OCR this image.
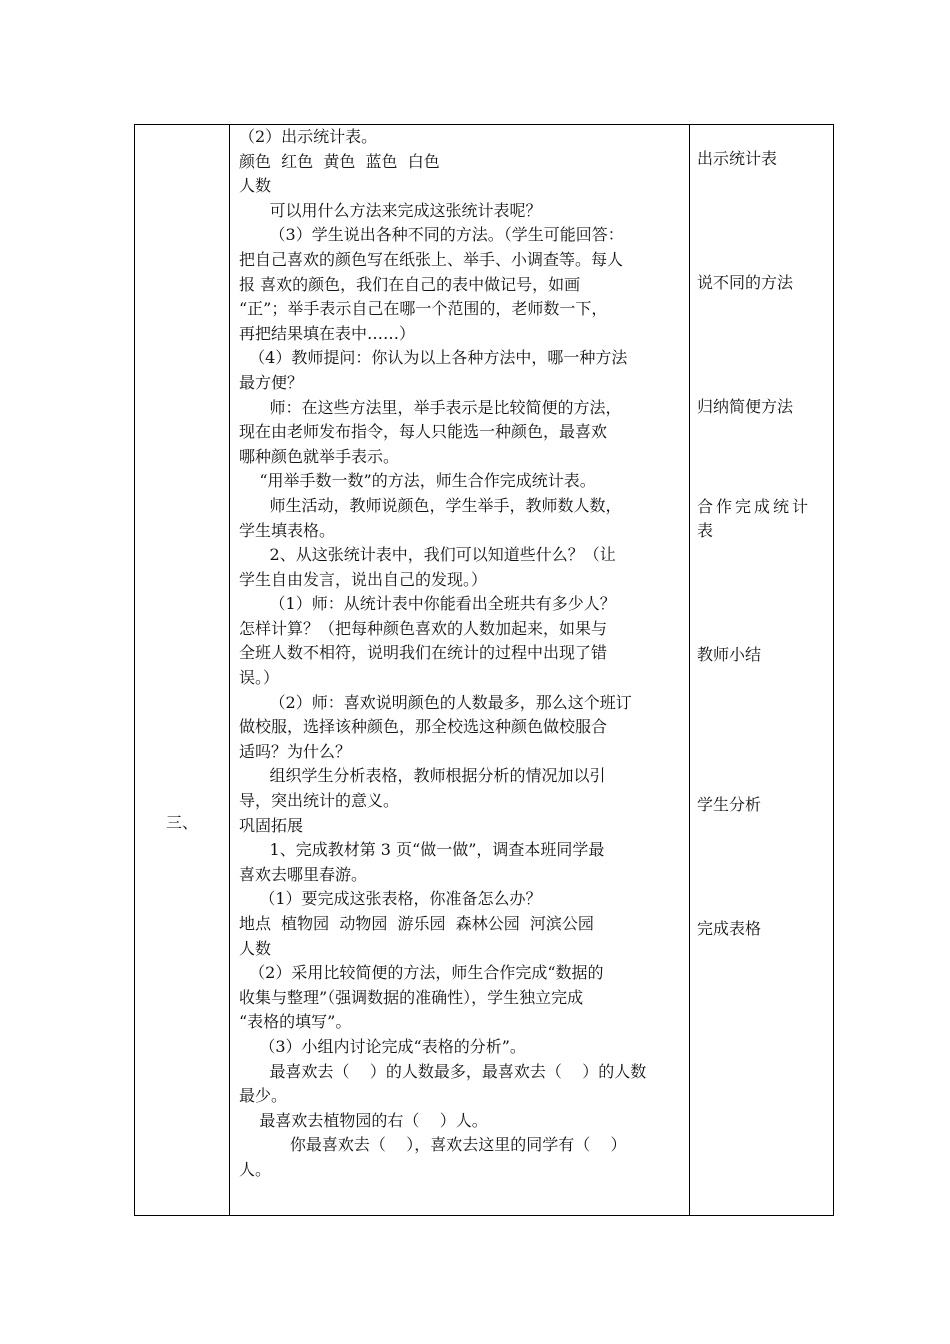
三、

（2）出示统计表。

颜色  红色  黄色  蓝色  白色

人数

可以用什么方法来完成这张统计表呢？

（3）学生说出各种不同的方法。（学生可能回答：

把自己喜欢的颜色写在纸张上、举手、小调查等。每人

报 喜欢的颜色，我们在自己的表中做记号，如画

“正”；举手表示自己在哪一个范围的，老师数一下，

再把结果填在表中……）

（4）教师提问：你认为以上各种方法中，哪一种方法

最方便？

师：在这些方法里，举手表示是比较简便的方法，

现在由老师发布指令，每人只能选一种颜色，最喜欢

哪种颜色就举手表示。

“用举手数一数”的方法，师生合作完成统计表。

师生活动，教师说颜色，学生举手，教师数人数，

学生填表格。

2、从这张统计表中，我们可以知道些什么？（让

学生自由发言，说出自己的发现。）

（1）师：从统计表中你能看出全班共有多少人？

怎样计算？（把每种颜色喜欢的人数加起来，如果与

全班人数不相符，说明我们在统计的过程中出现了错

误。）

（2）师：喜欢说明颜色的人数最多，那么这个班订

做校服，选择该种颜色，那全校选这种颜色做校服合

适吗？为什么？

组织学生分析表格，教师根据分析的情况加以引

导，突出统计的意义。

巩固拓展

1、完成教材第 3 页“做一做”，调查本班同学最

喜欢去哪里春游。

（1）要完成这张表格，你准备怎么办？

地点  植物园  动物园  游乐园  森林公园  河滨公园

人数

（2）采用比较简便的方法，师生合作完成“数据的

收集与整理”（强调数据的准确性），学生独立完成

“表格的填写”。

（3）小组内讨论完成“表格的分析”。

最喜欢去（    ）的人数最多，最喜欢去（    ）的人数

最少。

最喜欢去植物园的右（    ）人。

你最喜欢去（    ），喜欢去这里的同学有（    ）

人。

出示统计表
说不同的方法
归纳简便方法
合作完成统计表
教师小结
学生分析
完成表格
